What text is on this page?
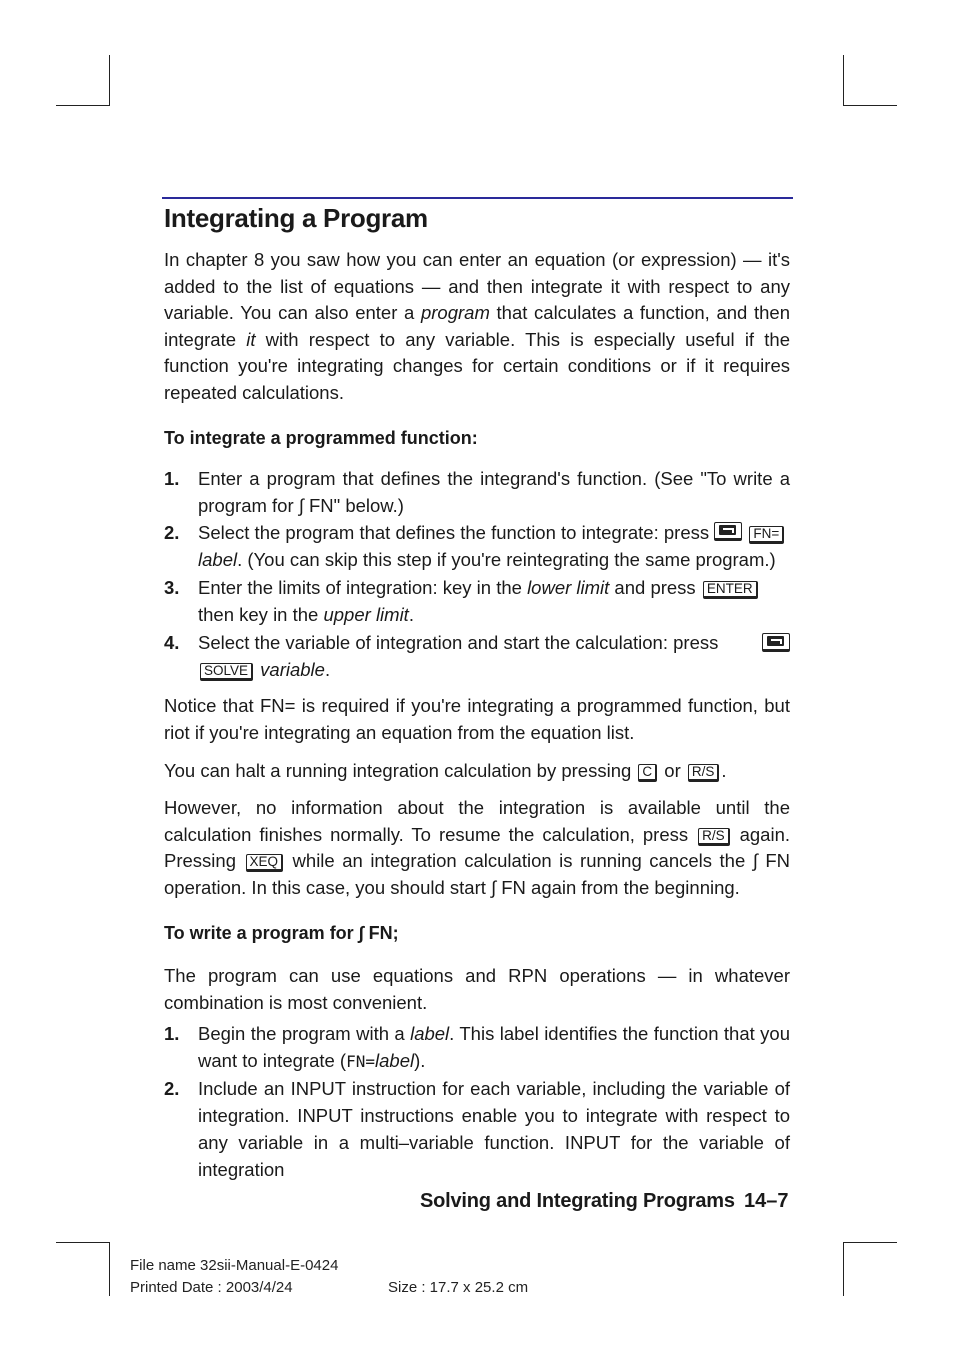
Integrating a Program
In chapter 8 you saw how you can enter an equation (or expression) — it's added to the list of equations — and then integrate it with respect to any variable. You can also enter a program that calculates a function, and then integrate it with respect to any variable. This is especially useful if the function you're integrating changes for certain conditions or if it requires repeated calculations.
To integrate a programmed function:
1. Enter a program that defines the integrand's function. (See "To write a program for ∫ FN" below.)
2. Select the program that defines the function to integrate: press	FN=
label. (You can skip this step if you're reintegrating the same program.)
3. Enter the limits of integration: key in the lower limit and press ENTER then key in the upper limit.
4. Select the variable of integration and start the calculation: press

SOLVE variable.
Notice that FN= is required if you're integrating a programmed function, but riot if you're integrating an equation from the equation list.
You can halt a running integration calculation by pressing C or R/S .
However, no information about the integration is available until the calculation finishes normally. To resume the calculation, press R/S again. Pressing XEQ while an integration calculation is running cancels the ∫ FN operation. In this case, you should start ∫ FN again from the beginning.
To write a program for ∫ FN;
The program can use equations and RPN operations — in whatever combination is most convenient.
1. Begin the program with a label. This label identifies the function that you want to integrate (FN=label).
2. Include an INPUT instruction for each variable, including the variable of integration. INPUT instructions enable you to integrate with respect to any variable in a multi–variable function. INPUT for the variable of integration
Solving and Integrating Programs 14–7
File name 32sii-Manual-E-0424
Printed Date : 2003/4/24	Size : 17.7 x 25.2 cm
